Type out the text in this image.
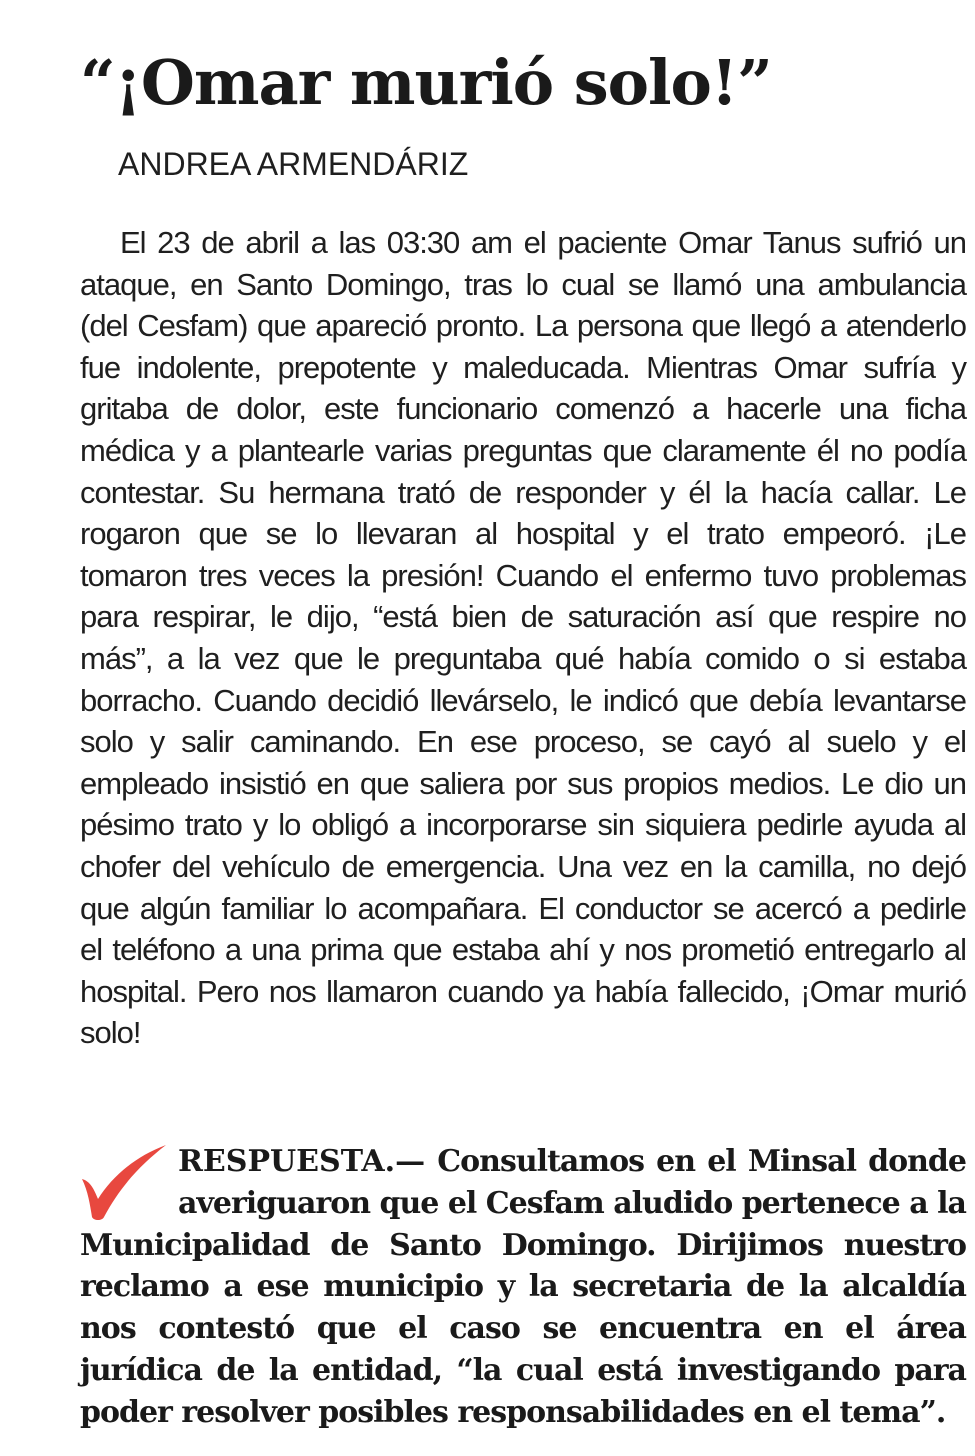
“¡Omar murió solo!”
ANDREA ARMENDÁRIZ

El 23 de abril a las 03:30 am el paciente Omar Tanus sufrió un ataque, en Santo Domingo, tras lo cual se llamó una ambulancia (del Cesfam) que apareció pronto. La persona que llegó a atenderlo fue indolente, prepotente y maleducada. Mientras Omar sufría y gritaba de dolor, este funcionario comenzó a hacerle una ficha médica y a plantearle varias preguntas que claramente él no podía contestar. Su hermana trató de responder y él la hacía callar. Le rogaron que se lo llevaran al hospital y el trato empeoró. ¡Le tomaron tres veces la presión! Cuando el enfermo tuvo problemas para respirar, le dijo, “está bien de saturación así que respire no más”, a la vez que le preguntaba qué había comido o si estaba borracho. Cuando decidió llevárselo, le indicó que debía levantarse solo y salir caminando. En ese proceso, se cayó al suelo y el empleado insistió en que saliera por sus propios medios. Le dio un pésimo trato y lo obligó a incorporarse sin siquiera pedirle ayuda al chofer del vehículo de emergencia. Una vez en la camilla, no dejó que algún familiar lo acompañara. El conductor se acercó a pedirle el teléfono a una prima que estaba ahí y nos prometió entregarlo al hospital. Pero nos llamaron cuando ya había fallecido, ¡Omar murió solo!

RESPUESTA.— Consultamos en el Minsal donde averiguaron que el Cesfam aludido pertenece a la Municipalidad de Santo Domingo. Dirijimos nuestro reclamo a ese municipio y la secretaria de la alcaldía nos contestó que el caso se encuentra en el área jurídica de la entidad, “la cual está investigando para poder resolver posibles responsabilidades en el tema”.
